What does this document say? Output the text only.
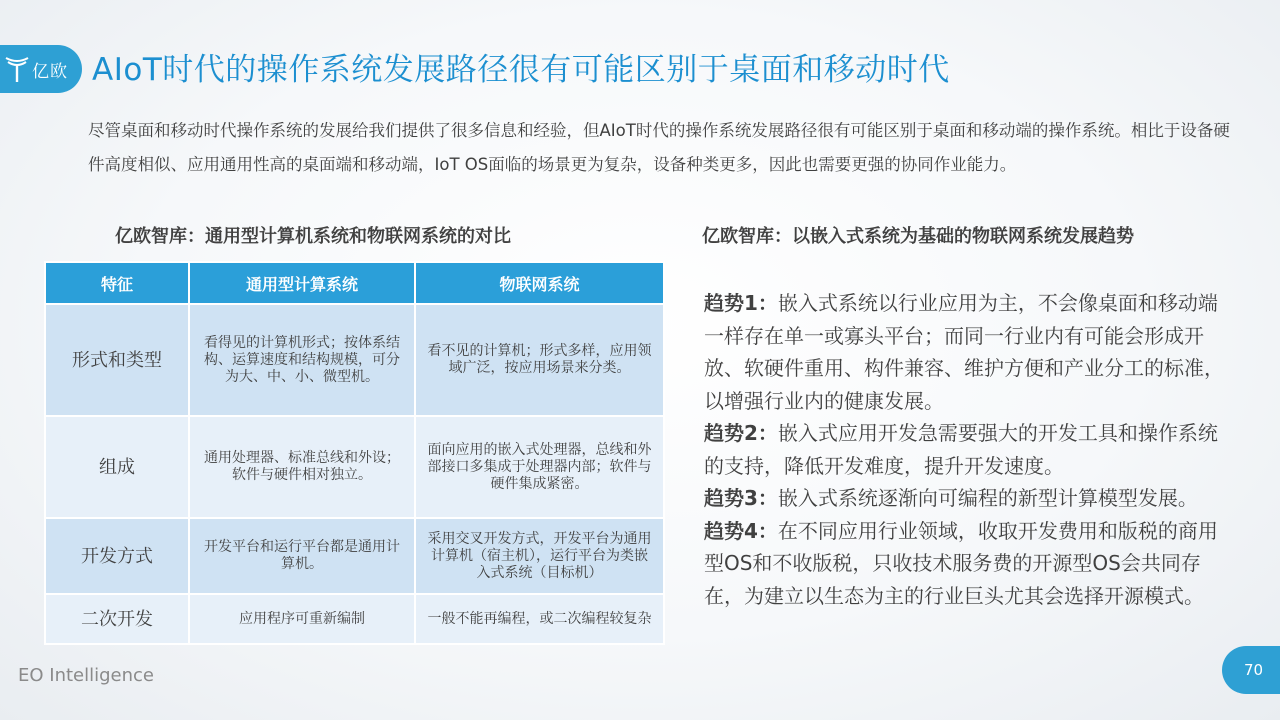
亿欧 AIoT时代的操作系统发展路径很有可能区别于桌面和移动时代

尽管桌面和移动时代操作系统的发展给我们提供了很多信息和经验，但AIoT时代的操作系统发展路径很有可能区别于桌面和移动端的操作系统。相比于设备硬件高度相似、应用通用性高的桌面端和移动端，IoT OS面临的场景更为复杂，设备种类更多，因此也需要更强的协同作业能力。

亿欧智库：通用型计算机系统和物联网系统的对比	亿欧智库：以嵌入式系统为基础的物联网系统发展趋势
特征	通用型计算系统	物联网系统
形式和类型	看得见的计算机形式；按体系结构、运算速度和结构规模，可分为大、中、小、微型机。	看不见的计算机；形式多样，应用领域广泛，按应用场景来分类。
组成	通用处理器、标准总线和外设；软件与硬件相对独立。	面向应用的嵌入式处理器，总线和外部接口多集成于处理器内部；软件与硬件集成紧密。
开发方式	开发平台和运行平台都是通用计算机。	采用交叉开发方式，开发平台为通用计算机（宿主机），运行平台为类嵌入式系统（目标机）
二次开发	应用程序可重新编制	一般不能再编程，或二次编程较复杂

趋势1：嵌入式系统以行业应用为主，不会像桌面和移动端一样存在单一或寡头平台；而同一行业内有可能会形成开放、软硬件重用、构件兼容、维护方便和产业分工的标准，以增强行业内的健康发展。

趋势2：嵌入式应用开发急需要强大的开发工具和操作系统的支持，降低开发难度，提升开发速度。

趋势3：嵌入式系统逐渐向可编程的新型计算模型发展。

趋势4：在不同应用行业领域，收取开发费用和版税的商用型OS和不收版税，只收技术服务费的开源型OS会共同存在，为建立以生态为主的行业巨头尤其会选择开源模式。

EO Intelligence	70
